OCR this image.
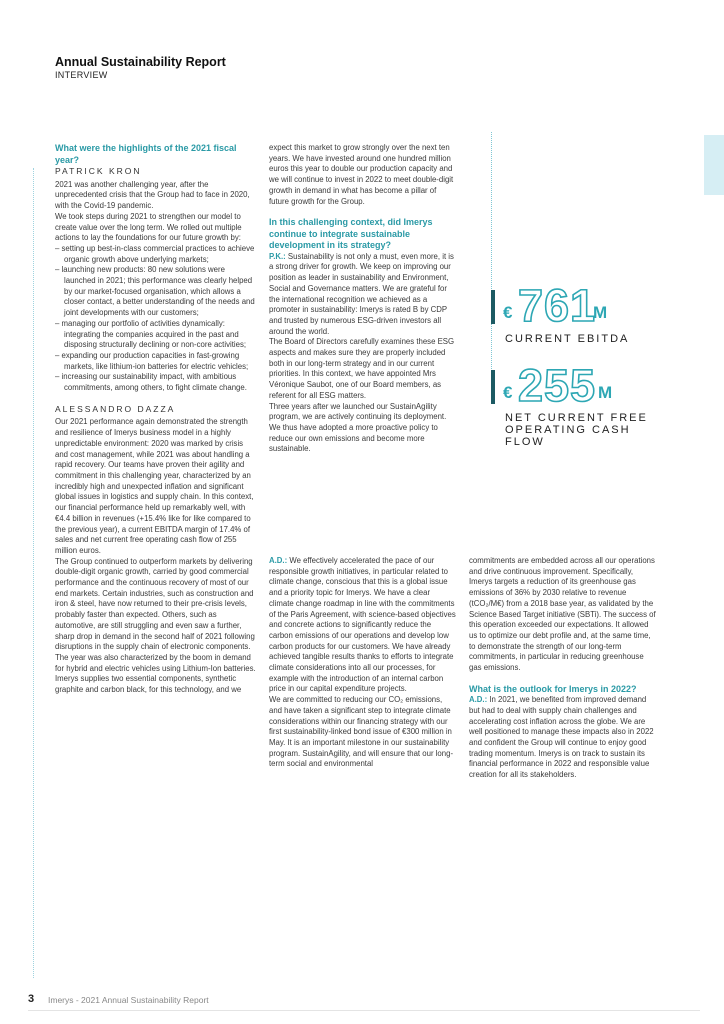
Annual Sustainability Report
INTERVIEW

What were the highlights of the 2021 fiscal year?

PATRICK KRON

2021 was another challenging year, after the unprecedented crisis that the Group had to face in 2020, with the Covid-19 pandemic.

We took steps during 2021 to strengthen our model to create value over the long term. We rolled out multiple actions to lay the foundations for our future growth by:

– setting up best-in-class commercial practices to achieve organic growth above underlying markets;

– launching new products: 80 new solutions were launched in 2021; this performance was clearly helped by our market-focused organisation, which allows a closer contact, a better understanding of the needs and joint developments with our customers;

– managing our portfolio of activities dynamically: integrating the companies acquired in the past and disposing structurally declining or non-core activities;

– expanding our production capacities in fast-growing markets, like lithium-ion batteries for electric vehicles;

– increasing our sustainability impact, with ambitious commitments, among others, to fight climate change.

ALESSANDRO DAZZA

Our 2021 performance again demonstrated the strength and resilience of Imerys business model in a highly unpredictable environment: 2020 was marked by crisis and cost management, while 2021 was about handling a rapid recovery. Our teams have proven their agility and commitment in this challenging year, characterized by an incredibly high and unexpected inflation and significant global issues in logistics and supply chain. In this context, our financial performance held up remarkably well, with €4.4 billion in revenues (+15.4% like for like compared to the previous year), a current EBITDA margin of 17.4% of sales and net current free operating cash flow of 255 million euros.

The Group continued to outperform markets by delivering double-digit organic growth, carried by good commercial performance and the continuous recovery of most of our end markets. Certain industries, such as construction and iron & steel, have now returned to their pre-crisis levels, probably faster than expected. Others, such as automotive, are still struggling and even saw a further, sharp drop in demand in the second half of 2021 following disruptions in the supply chain of electronic components. The year was also characterized by the boom in demand for hybrid and electric vehicles using Lithium-Ion batteries. Imerys supplies two essential components, synthetic graphite and carbon black, for this technology, and we

expect this market to grow strongly over the next ten years. We have invested around one hundred million euros this year to double our production capacity and we will continue to invest in 2022 to meet double-digit growth in demand in what has become a pillar of future growth for the Group.

In this challenging context, did Imerys continue to integrate sustainable development in its strategy?

P.K.: Sustainability is not only a must, even more, it is a strong driver for growth. We keep on improving our position as leader in sustainability and Environment, Social and Governance matters. We are grateful for the international recognition we achieved as a promoter in sustainability: Imerys is rated B by CDP and trusted by numerous ESG-driven investors all around the world.

The Board of Directors carefully examines these ESG aspects and makes sure they are properly included both in our long-term strategy and in our current priorities. In this context, we have appointed Mrs Véronique Saubot, one of our Board members, as referent for all ESG matters.

Three years after we launched our SustainAgility program, we are actively continuing its deployment. We thus have adopted a more proactive policy to reduce our own emissions and become more sustainable.

A.D.: We effectively accelerated the pace of our responsible growth initiatives, in particular related to climate change, conscious that this is a global issue and a priority topic for Imerys. We have a clear climate change roadmap in line with the commitments of the Paris Agreement, with science-based objectives and concrete actions to significantly reduce the carbon emissions of our operations and develop low carbon products for our customers. We have already achieved tangible results thanks to efforts to integrate climate considerations into all our processes, for example with the introduction of an internal carbon price in our capital expenditure projects.

We are committed to reducing our CO₂ emissions, and have taken a significant step to integrate climate considerations within our financing strategy with our first sustainability-linked bond issue of €300 million in May. It is an important milestone in our sustainability program. SustainAgility, and will ensure that our long-term social and environmental

commitments are embedded across all our operations and drive continuous improvement. Specifically, Imerys targets a reduction of its greenhouse gas emissions of 36% by 2030 relative to revenue (tCO₂/M€) from a 2018 base year, as validated by the Science Based Target initiative (SBTi). The success of this operation exceeded our expectations. It allowed us to optimize our debt profile and, at the same time, to demonstrate the strength of our long-term commitments, in particular in reducing greenhouse gas emissions.

What is the outlook for Imerys in 2022?

A.D.: In 2021, we benefited from improved demand but had to deal with supply chain challenges and accelerating cost inflation across the globe. We are well positioned to manage these impacts also in 2022 and confident the Group will continue to enjoy good trading momentum. Imerys is on track to sustain its financial performance in 2022 and responsible value creation for all its stakeholders.

€ 761
M
CURRENT EBITDA
€ 255 M
NET CURRENT FREE OPERATING CASH FLOW
3 Imerys - 2021 Annual Sustainability Report
